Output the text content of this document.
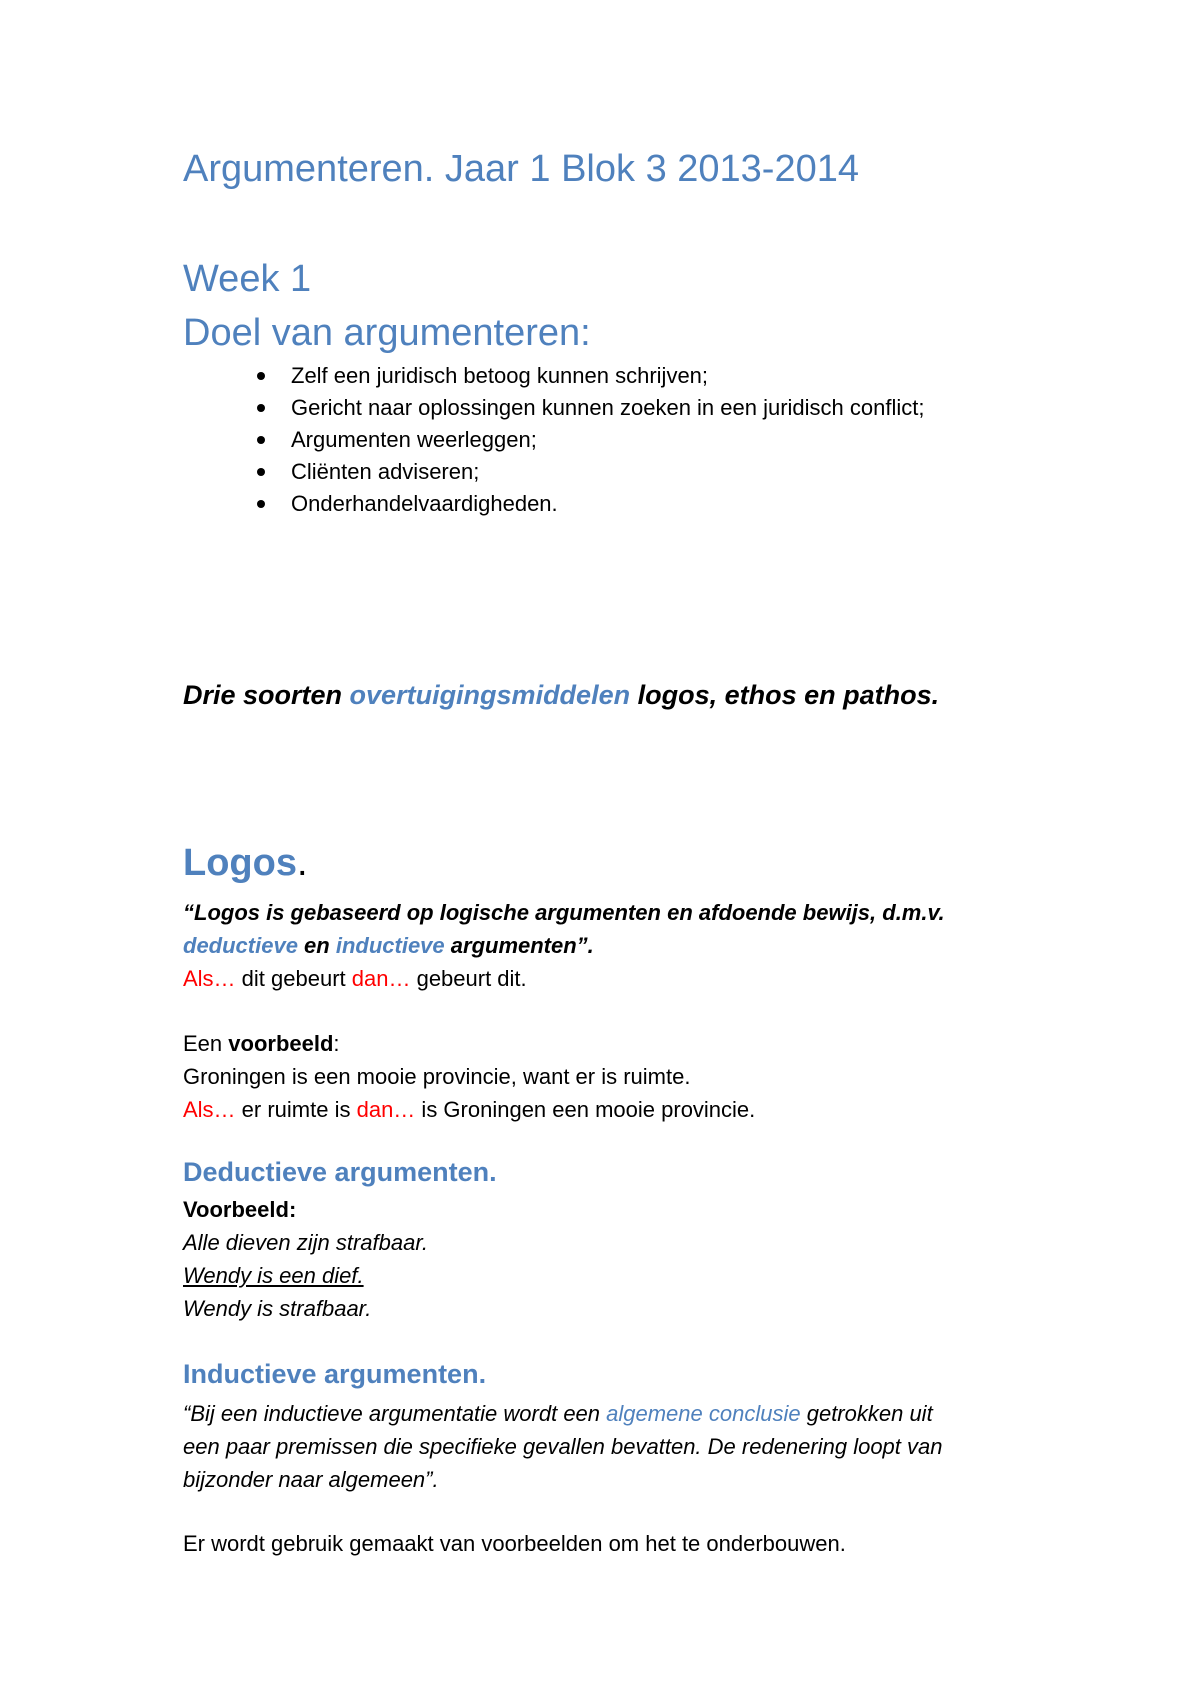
Argumenteren. Jaar 1 Blok 3 2013-2014
Week 1
Doel van argumenteren:
Zelf een juridisch betoog kunnen schrijven;
Gericht naar oplossingen kunnen zoeken in een juridisch conflict;
Argumenten weerleggen;
Cliënten adviseren;
Onderhandelvaardigheden.
Drie soorten overtuigingsmiddelen logos, ethos en pathos.
Logos.
“Logos is gebaseerd op logische argumenten en afdoende bewijs, d.m.v.
deductieve en inductieve argumenten”.
Als… dit gebeurt dan… gebeurt dit.
Een voorbeeld:
Groningen is een mooie provincie, want er is ruimte.
Als… er ruimte is dan… is Groningen een mooie provincie.
Deductieve argumenten.
Voorbeeld:
Alle dieven zijn strafbaar.
Wendy is een dief.
Wendy is strafbaar.
Inductieve argumenten.
“Bij een inductieve argumentatie wordt een algemene conclusie getrokken uit
een paar premissen die specifieke gevallen bevatten. De redenering loopt van
bijzonder naar algemeen”.
Er wordt gebruik gemaakt van voorbeelden om het te onderbouwen.
